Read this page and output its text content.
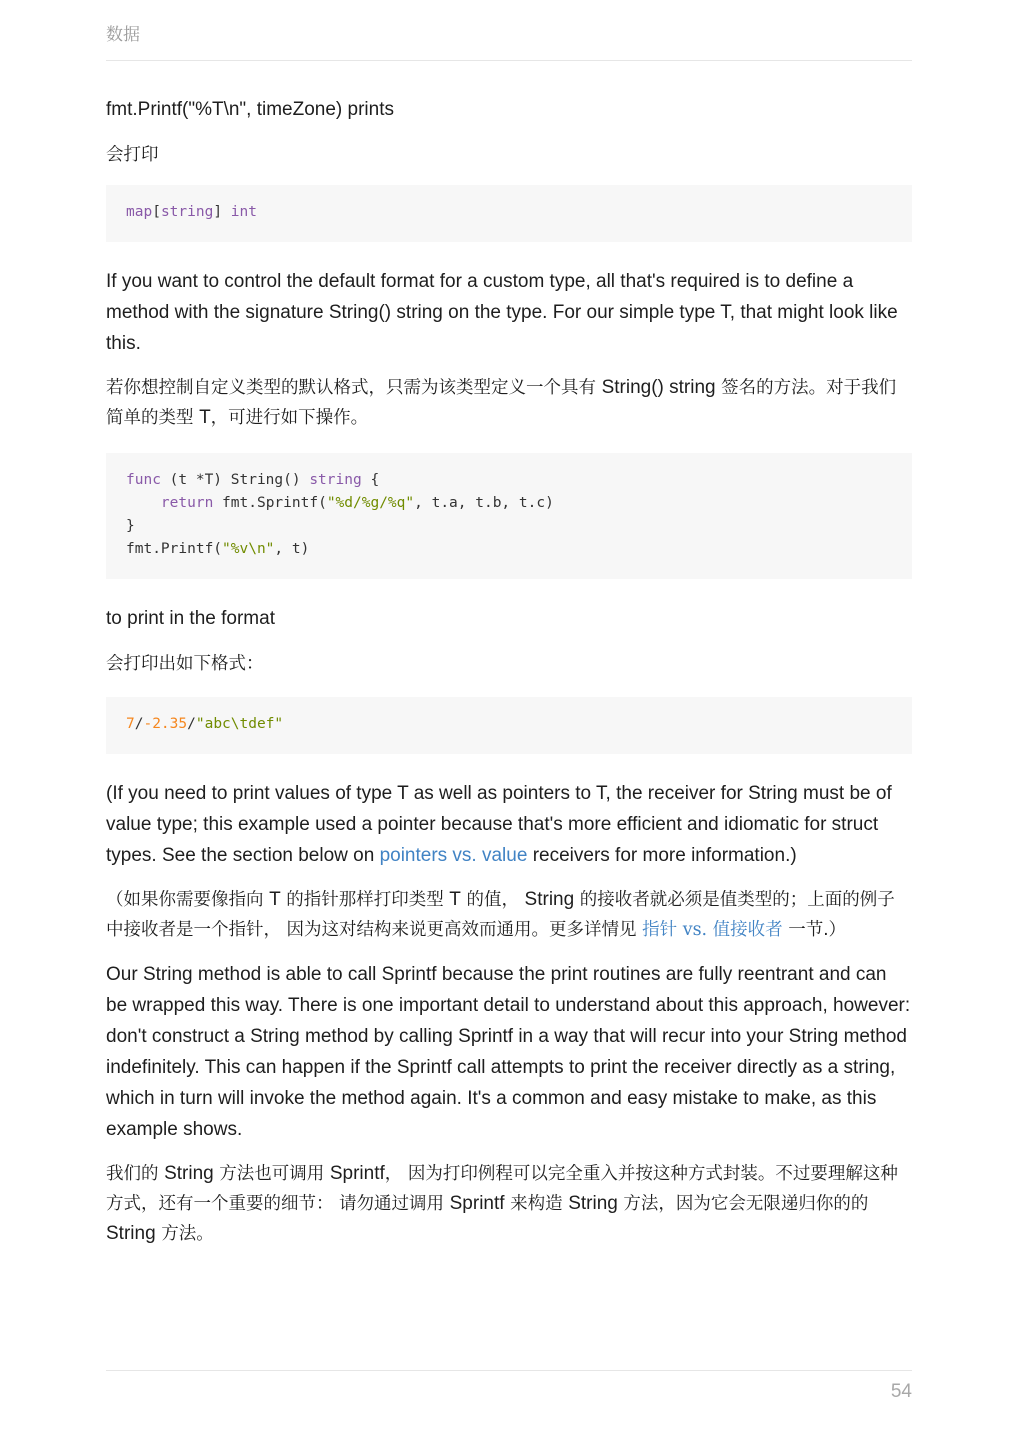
数据

fmt.Printf("%T\n", timeZone) prints

会打印

map[string] int

If you want to control the default format for a custom type, all that's required is to define a method with the signature String() string on the type. For our simple type T, that might look like this.

若你想控制自定义类型的默认格式，只需为该类型定义一个具有 String() string 签名的方法。对于我们简单的类型 T，可进行如下操作。

func (t *T) String() string {
return fmt.Sprintf("%d/%g/%q", t.a, t.b, t.c)
}
fmt.Printf("%v\n", t)

to print in the format

会打印出如下格式：

7/-2.35/"abc\tdef"

(If you need to print values of type T as well as pointers to T, the receiver for String must be of value type; this example used a pointer because that's more efficient and idiomatic for struct types. See the section below on pointers vs. value receivers for more information.)

（如果你需要像指向 T 的指针那样打印类型 T 的值， String 的接收者就必须是值类型的；上面的例子中接收者是一个指针， 因为这对结构来说更高效而通用。更多详情见 指针 vs. 值接收者 一节.）

Our String method is able to call Sprintf because the print routines are fully reentrant and can be wrapped this way. There is one important detail to understand about this approach, however: don't construct a String method by calling Sprintf in a way that will recur into your String method indefinitely. This can happen if the Sprintf call attempts to print the receiver directly as a string, which in turn will invoke the method again. It's a common and easy mistake to make, as this example shows.

我们的 String 方法也可调用 Sprintf， 因为打印例程可以完全重入并按这种方式封装。不过要理解这种方式，还有一个重要的细节： 请勿通过调用 Sprintf 来构造 String 方法，因为它会无限递归你的的 String 方法。

54
